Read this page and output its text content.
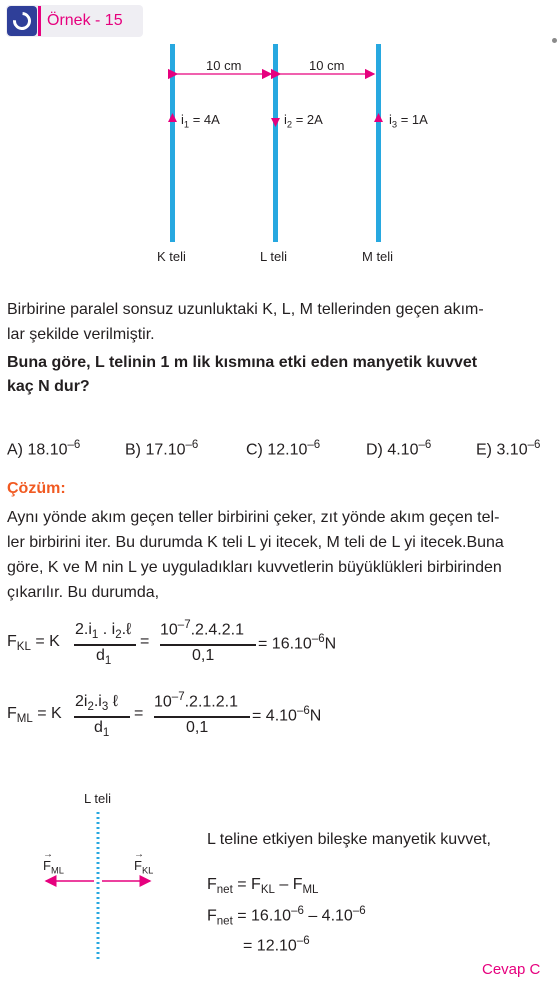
Örnek - 15
10 cm	10 cm
$i_1 = 4A$	$i_2 = 2A$	$i_3 = 1A$
K teli	L teli	M teli
Birbirine paralel sonsuz uzunluktaki K, L, M tellerinden geçen akım-
lar şekilde verilmiştir.
Buna göre, L telinin 1 m lik kısmına etki eden manyetik kuvvet
kaç N dur?
A) $18.10^{-6}$	B) $17.10^{-6}$	C) $12.10^{-6}$	D) $4.10^{-6}$	E) $3.10^{-6}$
Çözüm:
Aynı yönde akım geçen teller birbirini çeker, zıt yönde akım geçen tel-
ler birbirini iter. Bu durumda K teli L yi itecek, M teli de L yi itecek.Buna
göre, K ve M nin L ye uyguladıkları kuvvetlerin büyüklükleri birbirinden
çıkarılır. Bu durumda,
$F_{KL} = K$
$2.i_1$ . $i_2.\ell$
$d_1$
=
$10^{-7}.2.4.2.1$
0,1
= $16.10^{-6}N$
$F_{ML} = K$
$2i_2.i_3$ ℓ
$d_1$
=
$10^{-7}.2.1.2.1$
0,1
= $4.10^{-6}N$
L teli
→
$F_{ML}$
→
$F_{KL}$
L teline etkiyen bileşke manyetik kuvvet,
$F_{net} = F_{KL} - F_{ML}$
$F_{net} = 16.10^{-6} - 4.10^{-6}$
= $12.10^{-6}$
Cevap C
